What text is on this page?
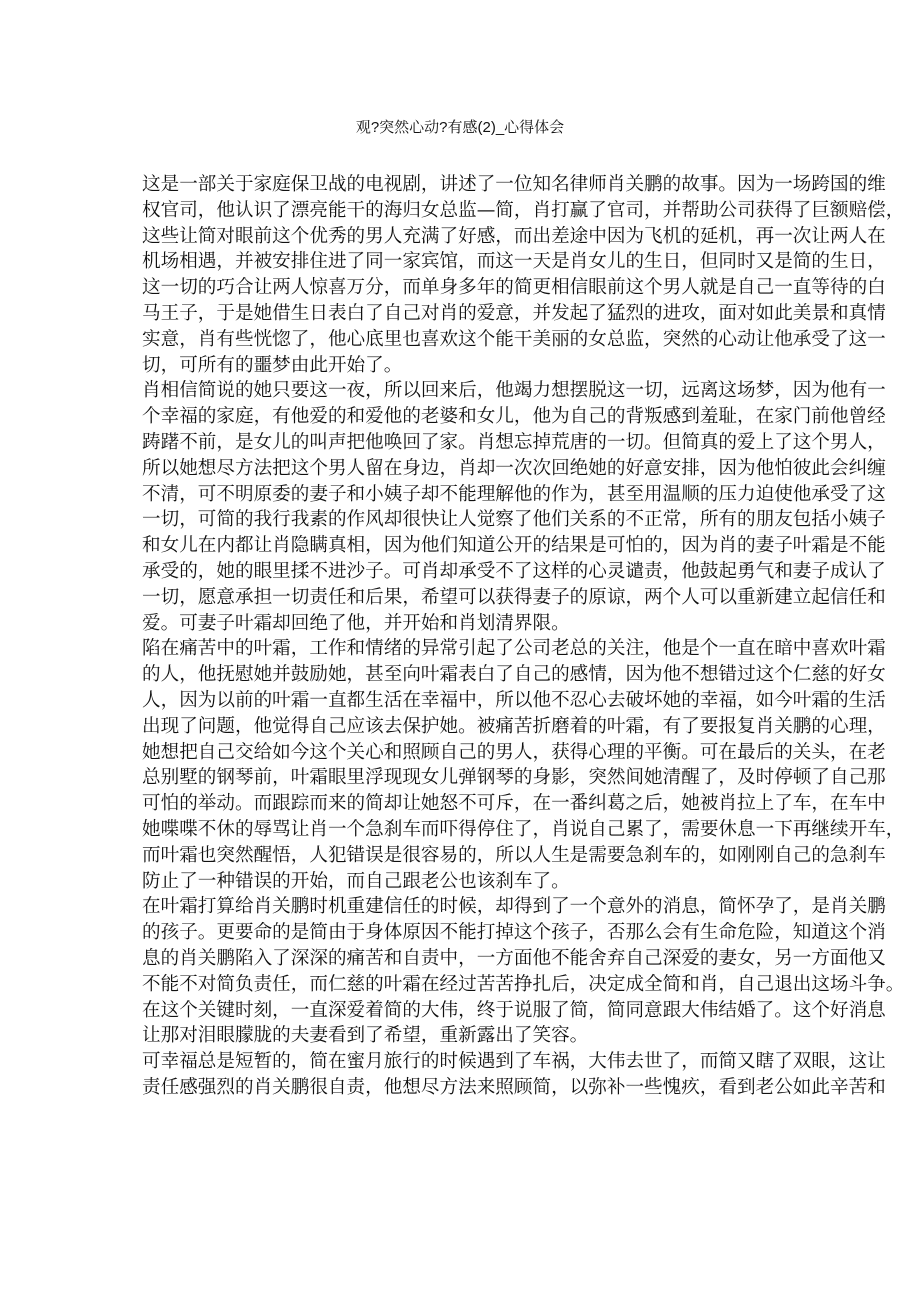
观?突然心动?有感(2)_心得体会
这是一部关于家庭保卫战的电视剧，讲述了一位知名律师肖关鹏的故事。因为一场跨国的维
权官司，他认识了漂亮能干的海归女总监—简，肖打赢了官司，并帮助公司获得了巨额赔偿，
这些让简对眼前这个优秀的男人充满了好感，而出差途中因为飞机的延机，再一次让两人在
机场相遇，并被安排住进了同一家宾馆，而这一天是肖女儿的生日，但同时又是简的生日，
这一切的巧合让两人惊喜万分，而单身多年的简更相信眼前这个男人就是自己一直等待的白
马王子，于是她借生日表白了自己对肖的爱意，并发起了猛烈的进攻，面对如此美景和真情
实意，肖有些恍惚了，他心底里也喜欢这个能干美丽的女总监，突然的心动让他承受了这一
切，可所有的噩梦由此开始了。
肖相信简说的她只要这一夜，所以回来后，他竭力想摆脱这一切，远离这场梦，因为他有一
个幸福的家庭，有他爱的和爱他的老婆和女儿，他为自己的背叛感到羞耻，在家门前他曾经
踌躇不前，是女儿的叫声把他唤回了家。肖想忘掉荒唐的一切。但简真的爱上了这个男人，
所以她想尽方法把这个男人留在身边，肖却一次次回绝她的好意安排，因为他怕彼此会纠缠
不清，可不明原委的妻子和小姨子却不能理解他的作为，甚至用温顺的压力迫使他承受了这
一切，可简的我行我素的作风却很快让人觉察了他们关系的不正常，所有的朋友包括小姨子
和女儿在内都让肖隐瞒真相，因为他们知道公开的结果是可怕的，因为肖的妻子叶霜是不能
承受的，她的眼里揉不进沙子。可肖却承受不了这样的心灵谴责，他鼓起勇气和妻子成认了
一切，愿意承担一切责任和后果，希望可以获得妻子的原谅，两个人可以重新建立起信任和
爱。可妻子叶霜却回绝了他，并开始和肖划清界限。
陷在痛苦中的叶霜，工作和情绪的异常引起了公司老总的关注，他是个一直在暗中喜欢叶霜
的人，他抚慰她并鼓励她，甚至向叶霜表白了自己的感情，因为他不想错过这个仁慈的好女
人，因为以前的叶霜一直都生活在幸福中，所以他不忍心去破坏她的幸福，如今叶霜的生活
出现了问题，他觉得自己应该去保护她。被痛苦折磨着的叶霜，有了要报复肖关鹏的心理，
她想把自己交给如今这个关心和照顾自己的男人，获得心理的平衡。可在最后的关头，在老
总别墅的钢琴前，叶霜眼里浮现现女儿弹钢琴的身影，突然间她清醒了，及时停顿了自己那
可怕的举动。而跟踪而来的简却让她怒不可斥，在一番纠葛之后，她被肖拉上了车，在车中
她喋喋不休的辱骂让肖一个急刹车而吓得停住了，肖说自己累了，需要休息一下再继续开车，
而叶霜也突然醒悟，人犯错误是很容易的，所以人生是需要急刹车的，如刚刚自己的急刹车
防止了一种错误的开始，而自己跟老公也该刹车了。
在叶霜打算给肖关鹏时机重建信任的时候，却得到了一个意外的消息，简怀孕了，是肖关鹏
的孩子。更要命的是简由于身体原因不能打掉这个孩子，否那么会有生命危险，知道这个消
息的肖关鹏陷入了深深的痛苦和自责中，一方面他不能舍弃自己深爱的妻女，另一方面他又
不能不对简负责任，而仁慈的叶霜在经过苦苦挣扎后，决定成全简和肖，自己退出这场斗争。
在这个关键时刻，一直深爱着简的大伟，终于说服了简，简同意跟大伟结婚了。这个好消息
让那对泪眼朦胧的夫妻看到了希望，重新露出了笑容。
可幸福总是短暂的，简在蜜月旅行的时候遇到了车祸，大伟去世了，而简又瞎了双眼，这让
责任感强烈的肖关鹏很自责，他想尽方法来照顾简，以弥补一些愧疚，看到老公如此辛苦和
